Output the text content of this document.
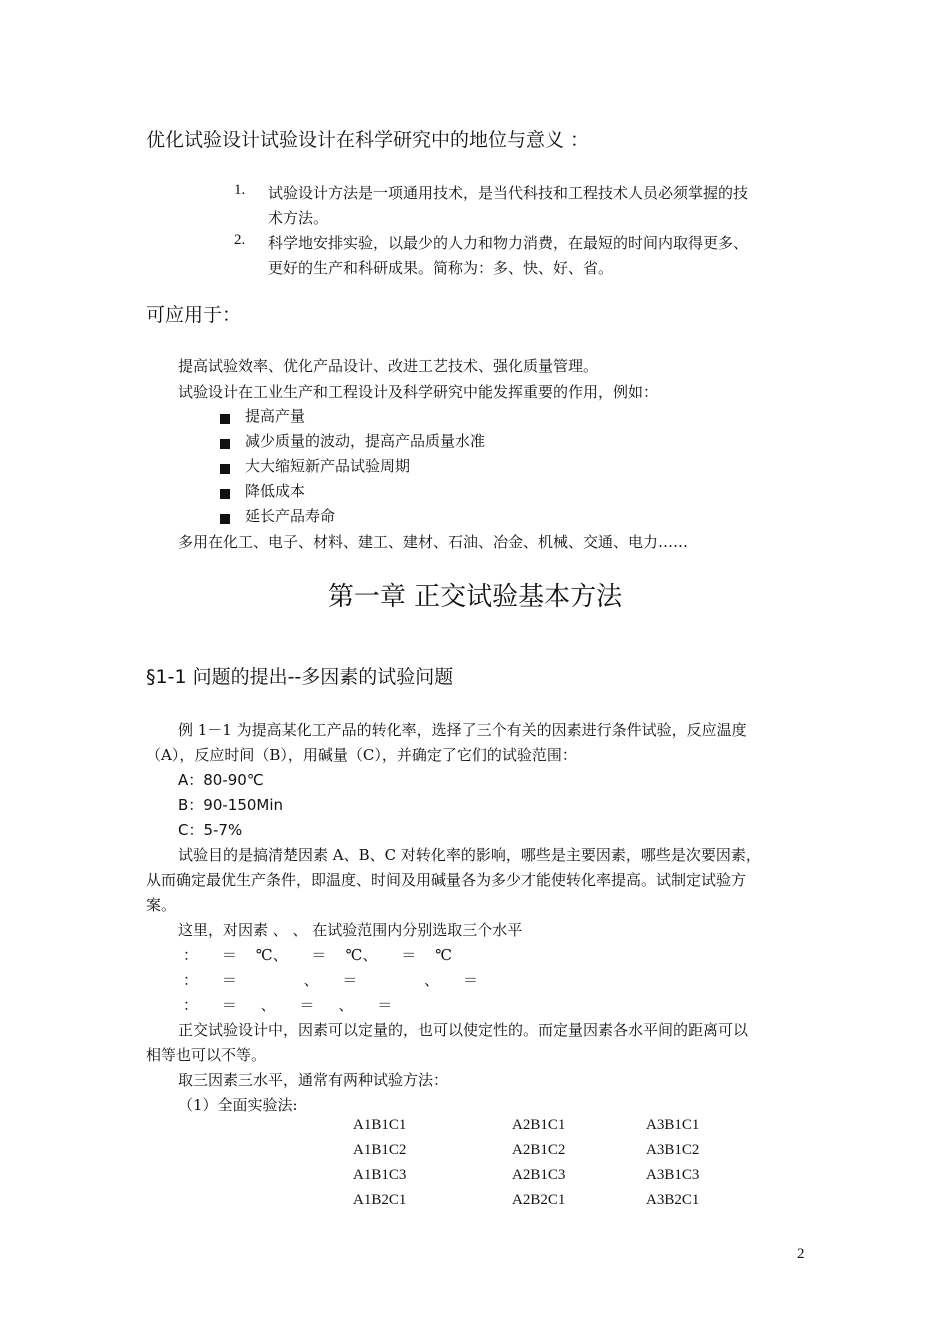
优化试验设计试验设计在科学研究中的地位与意义 ：
1. 试验设计方法是一项通用技术，是当代科技和工程技术人员必须掌握的技
术方法。
2. 科学地安排实验，以最少的人力和物力消费，在最短的时间内取得更多、
更好的生产和科研成果。简称为：多、快、好、省。
可应用于：
提高试验效率、优化产品设计、改进工艺技术、强化质量管理。
试验设计在工业生产和工程设计及科学研究中能发挥重要的作用，例如：
提高产量
减少质量的波动，提高产品质量水准
大大缩短新产品试验周期
降低成本
延长产品寿命
多用在化工、电子、材料、建工、建材、石油、冶金、机械、交通、电力……
第一章 正交试验基本方法
§1-1 问题的提出--多因素的试验问题
例 1－1 为提高某化工产品的转化率，选择了三个有关的因素进行条件试验，反应温度
（A），反应时间（B），用碱量（C），并确定了它们的试验范围：
A：80-90℃
B：90-150Min
C：5-7%
试验目的是搞清楚因素 A、B、C 对转化率的影响，哪些是主要因素，哪些是次要因素，
从而确定最优生产条件，即温度、时间及用碱量各为多少才能使转化率提高。试制定试验方
案。
这里，对因素 、 、 在试验范围内分别选取三个水平
：     ＝    ℃、     ＝    ℃、     ＝    ℃
：     ＝              、     ＝              、     ＝
：     ＝     、     ＝     、     ＝
正交试验设计中，因素可以定量的，也可以使定性的。而定量因素各水平间的距离可以
相等也可以不等。
取三因素三水平，通常有两种试验方法：
（1）全面实验法:
A1B1C1	A2B1C1	A3B1C1
A1B1C2	A2B1C2	A3B1C2
A1B1C3	A2B1C3	A3B1C3
A1B2C1	A2B2C1	A3B2C1
2
